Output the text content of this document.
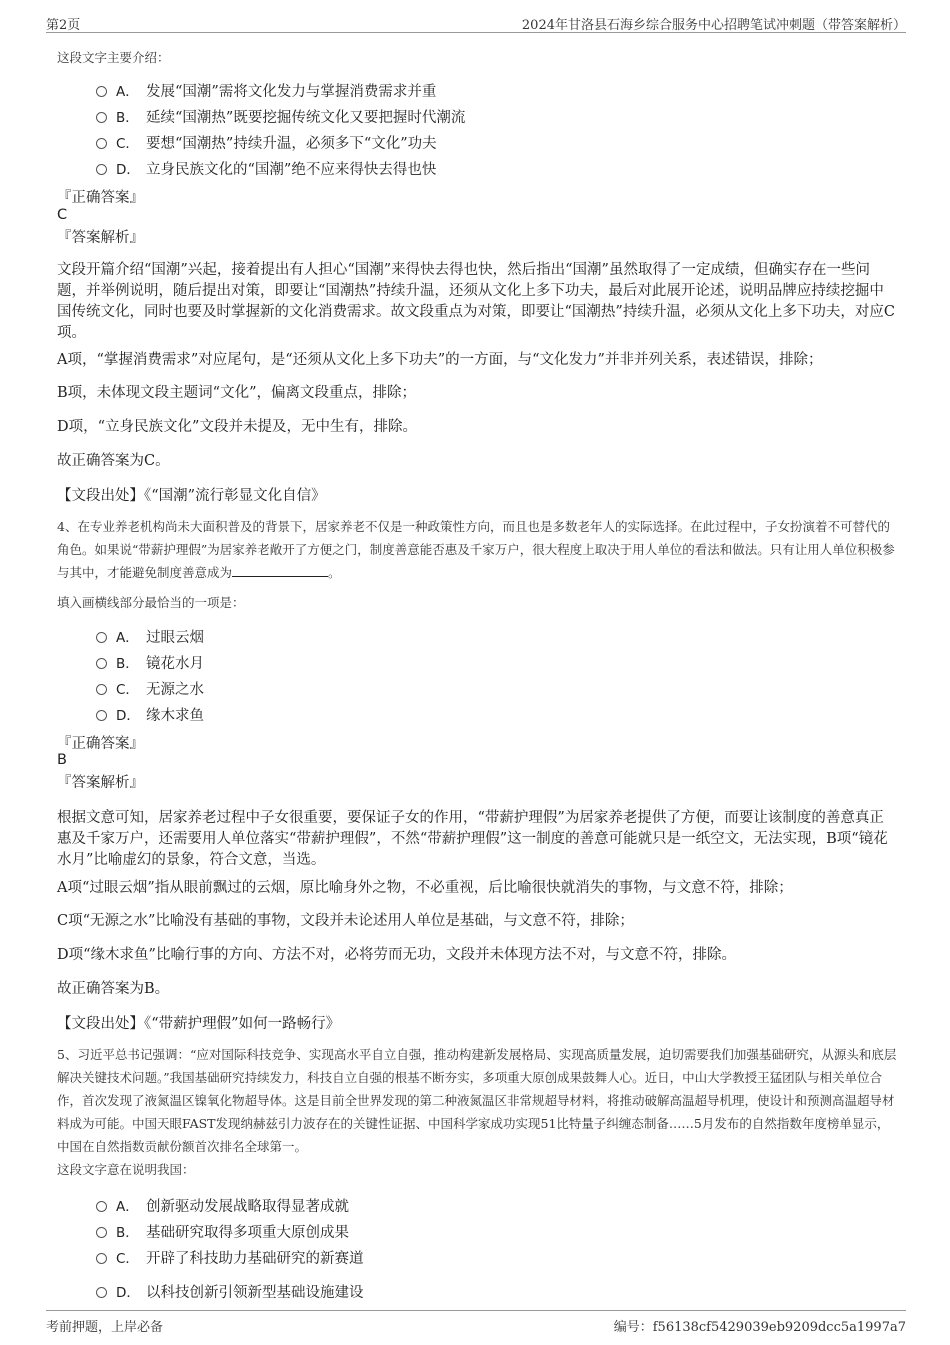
第2页	2024年甘洛县石海乡综合服务中心招聘笔试冲刺题（带答案解析）
这段文字主要介绍：
A． 发展“国潮”需将文化发力与掌握消费需求并重
B． 延续“国潮热”既要挖掘传统文化又要把握时代潮流
C． 要想“国潮热”持续升温，必须多下“文化”功夫
D． 立身民族文化的“国潮”绝不应来得快去得也快
『正确答案』
C
『答案解析』
文段开篇介绍“国潮”兴起，接着提出有人担心“国潮”来得快去得也快，然后指出“国潮”虽然取得了一定成绩，但确实存在一些问题，并举例说明，随后提出对策，即要让“国潮热”持续升温，还须从文化上多下功夫，最后对此展开论述，说明品牌应持续挖掘中国传统文化，同时也要及时掌握新的文化消费需求。故文段重点为对策，即要让“国潮热”持续升温，必须从文化上多下功夫，对应C项。
A项，“掌握消费需求”对应尾句，是“还须从文化上多下功夫”的一方面，与“文化发力”并非并列关系，表述错误，排除；
B项，未体现文段主题词“文化”，偏离文段重点，排除；
D项，“立身民族文化”文段并未提及，无中生有，排除。
故正确答案为C。
【文段出处】《“国潮”流行彰显文化自信》
4、在专业养老机构尚未大面积普及的背景下，居家养老不仅是一种政策性方向，而且也是多数老年人的实际选择。在此过程中，子女扮演着不可替代的角色。如果说“带薪护理假”为居家养老敞开了方便之门，制度善意能否惠及千家万户，很大程度上取决于用人单位的看法和做法。只有让用人单位积极参与其中，才能避免制度善意成为	。
填入画横线部分最恰当的一项是：
A． 过眼云烟
B． 镜花水月
C． 无源之水
D． 缘木求鱼
『正确答案』
B
『答案解析』
根据文意可知，居家养老过程中子女很重要，要保证子女的作用，“带薪护理假”为居家养老提供了方便，而要让该制度的善意真正惠及千家万户，还需要用人单位落实“带薪护理假”，不然“带薪护理假”这一制度的善意可能就只是一纸空文，无法实现，B项“镜花水月”比喻虚幻的景象，符合文意，当选。
A项“过眼云烟”指从眼前飘过的云烟，原比喻身外之物，不必重视，后比喻很快就消失的事物，与文意不符，排除；
C项“无源之水”比喻没有基础的事物，文段并未论述用人单位是基础，与文意不符，排除；
D项“缘木求鱼”比喻行事的方向、方法不对，必将劳而无功，文段并未体现方法不对，与文意不符，排除。
故正确答案为B。
【文段出处】《“带薪护理假”如何一路畅行》
5、习近平总书记强调：“应对国际科技竞争、实现高水平自立自强，推动构建新发展格局、实现高质量发展，迫切需要我们加强基础研究，从源头和底层解决关键技术问题。”我国基础研究持续发力，科技自立自强的根基不断夯实，多项重大原创成果鼓舞人心。近日，中山大学教授王猛团队与相关单位合作，首次发现了液氮温区镍氧化物超导体。这是目前全世界发现的第二种液氮温区非常规超导材料，将推动破解高温超导机理，使设计和预测高温超导材料成为可能。中国天眼FAST发现纳赫兹引力波存在的关键性证据、中国科学家成功实现51比特量子纠缠态制备……5月发布的自然指数年度榜单显示，中国在自然指数贡献份额首次排名全球第一。
这段文字意在说明我国：
A． 创新驱动发展战略取得显著成就
B． 基础研究取得多项重大原创成果
C． 开辟了科技助力基础研究的新赛道
D． 以科技创新引领新型基础设施建设
考前押题，上岸必备	编号：f56138cf5429039eb9209dcc5a1997a7
